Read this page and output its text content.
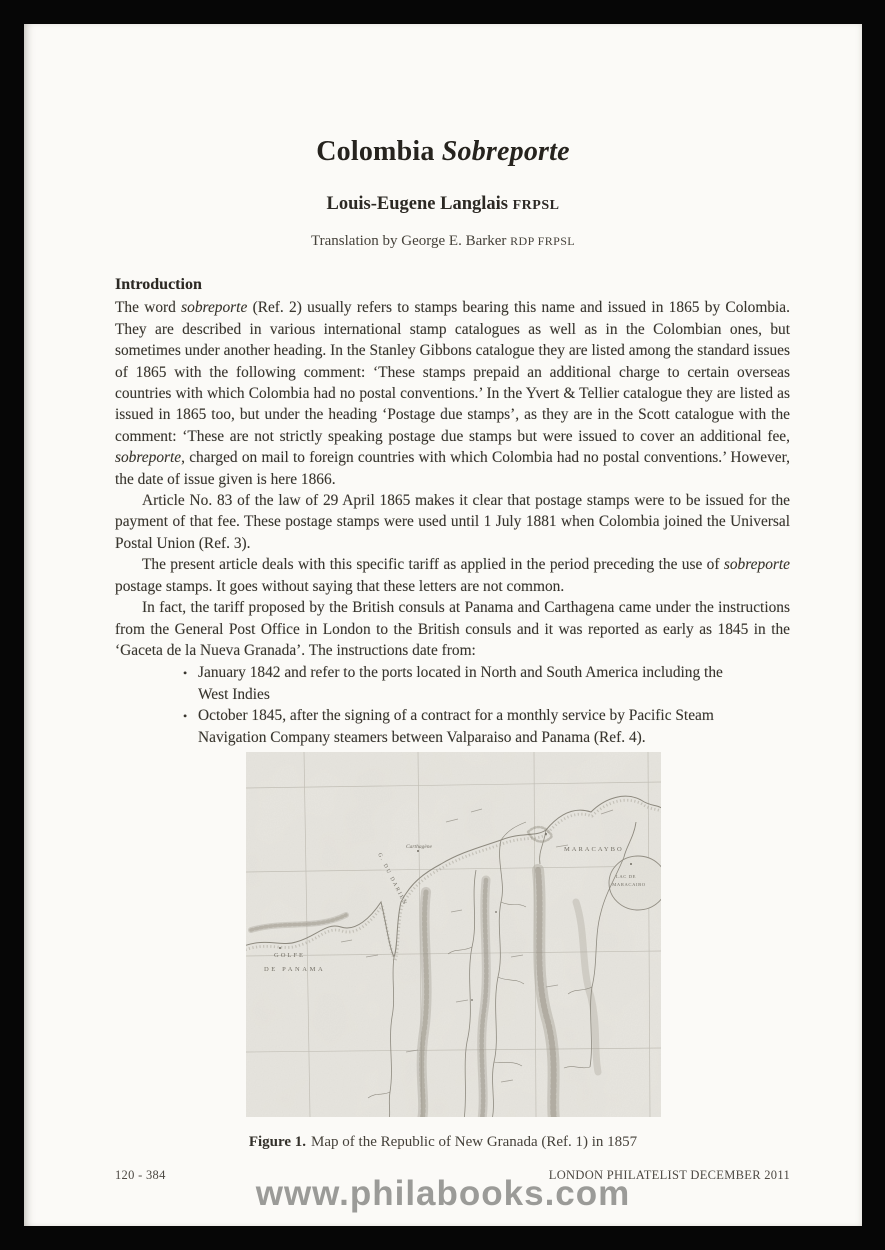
Colombia Sobreporte
Louis-Eugene Langlais FRPSL
Translation by George E. Barker RDP FRPSL
Introduction

The word sobreporte (Ref. 2) usually refers to stamps bearing this name and issued in 1865 by Colombia. They are described in various international stamp catalogues as well as in the Colombian ones, but sometimes under another heading. In the Stanley Gibbons catalogue they are listed among the standard issues of 1865 with the following comment: ‘These stamps prepaid an additional charge to certain overseas countries with which Colombia had no postal conventions.’ In the Yvert & Tellier catalogue they are listed as issued in 1865 too, but under the heading ‘Postage due stamps’, as they are in the Scott catalogue with the comment: ‘These are not strictly speaking postage due stamps but were issued to cover an additional fee, sobreporte, charged on mail to foreign countries with which Colombia had no postal conventions.’ However, the date of issue given is here 1866.

Article No. 83 of the law of 29 April 1865 makes it clear that postage stamps were to be issued for the payment of that fee. These postage stamps were used until 1 July 1881 when Colombia joined the Universal Postal Union (Ref. 3).

The present article deals with this specific tariff as applied in the period preceding the use of sobreporte postage stamps. It goes without saying that these letters are not common.

In fact, the tariff proposed by the British consuls at Panama and Carthagena came under the instructions from the General Post Office in London to the British consuls and it was reported as early as 1845 in the ‘Gaceta de la Nueva Granada’. The instructions date from:

• January 1842 and refer to the ports located in North and South America including the West Indies
• October 1845, after the signing of a contract for a monthly service by Pacific Steam Navigation Company steamers between Valparaiso and Panama (Ref. 4).
Figure 1. Map of the Republic of New Granada (Ref. 1) in 1857
120 - 384	LONDON PHILATELIST DECEMBER 2011
www.philabooks.com
